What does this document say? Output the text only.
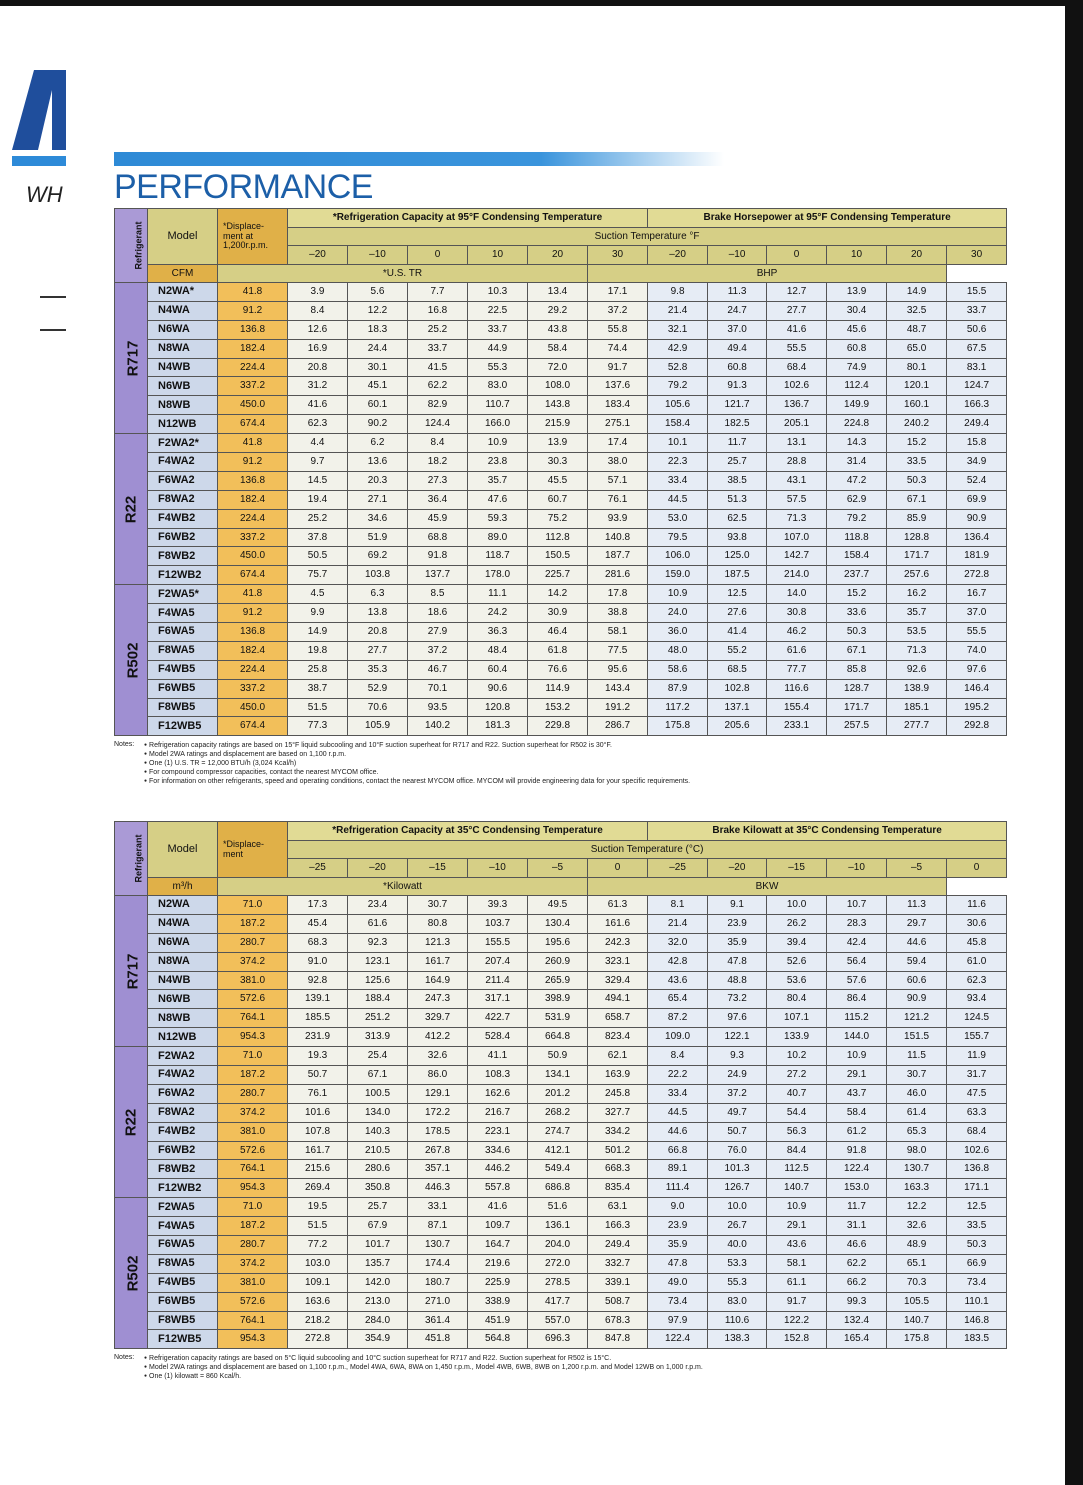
WH PERFORMANCE
Refrigerant	Model	*Displace-
ment at
1,200r.p.m.	*Refrigeration Capacity at 95°F Condensing Temperature						Brake Horsepower at 95°F Condensing Temperature					
			Suction Temperature °F											
			–20	–10	0	10	20	30	–20	–10	0	10	20	30
	CFM	*U.S. TR						BHP						
R717	N2WA*	41.8	3.9	5.6	7.7	10.3	13.4	17.1	9.8	11.3	12.7	13.9	14.9	15.5
	N4WA	91.2	8.4	12.2	16.8	22.5	29.2	37.2	21.4	24.7	27.7	30.4	32.5	33.7
	N6WA	136.8	12.6	18.3	25.2	33.7	43.8	55.8	32.1	37.0	41.6	45.6	48.7	50.6
	N8WA	182.4	16.9	24.4	33.7	44.9	58.4	74.4	42.9	49.4	55.5	60.8	65.0	67.5
	N4WB	224.4	20.8	30.1	41.5	55.3	72.0	91.7	52.8	60.8	68.4	74.9	80.1	83.1
	N6WB	337.2	31.2	45.1	62.2	83.0	108.0	137.6	79.2	91.3	102.6	112.4	120.1	124.7
	N8WB	450.0	41.6	60.1	82.9	110.7	143.8	183.4	105.6	121.7	136.7	149.9	160.1	166.3
	N12WB	674.4	62.3	90.2	124.4	166.0	215.9	275.1	158.4	182.5	205.1	224.8	240.2	249.4
R22	F2WA2*	41.8	4.4	6.2	8.4	10.9	13.9	17.4	10.1	11.7	13.1	14.3	15.2	15.8
	F4WA2	91.2	9.7	13.6	18.2	23.8	30.3	38.0	22.3	25.7	28.8	31.4	33.5	34.9
	F6WA2	136.8	14.5	20.3	27.3	35.7	45.5	57.1	33.4	38.5	43.1	47.2	50.3	52.4
	F8WA2	182.4	19.4	27.1	36.4	47.6	60.7	76.1	44.5	51.3	57.5	62.9	67.1	69.9
	F4WB2	224.4	25.2	34.6	45.9	59.3	75.2	93.9	53.0	62.5	71.3	79.2	85.9	90.9
	F6WB2	337.2	37.8	51.9	68.8	89.0	112.8	140.8	79.5	93.8	107.0	118.8	128.8	136.4
	F8WB2	450.0	50.5	69.2	91.8	118.7	150.5	187.7	106.0	125.0	142.7	158.4	171.7	181.9
	F12WB2	674.4	75.7	103.8	137.7	178.0	225.7	281.6	159.0	187.5	214.0	237.7	257.6	272.8
R502	F2WA5*	41.8	4.5	6.3	8.5	11.1	14.2	17.8	10.9	12.5	14.0	15.2	16.2	16.7
	F4WA5	91.2	9.9	13.8	18.6	24.2	30.9	38.8	24.0	27.6	30.8	33.6	35.7	37.0
	F6WA5	136.8	14.9	20.8	27.9	36.3	46.4	58.1	36.0	41.4	46.2	50.3	53.5	55.5
	F8WA5	182.4	19.8	27.7	37.2	48.4	61.8	77.5	48.0	55.2	61.6	67.1	71.3	74.0
	F4WB5	224.4	25.8	35.3	46.7	60.4	76.6	95.6	58.6	68.5	77.7	85.8	92.6	97.6
	F6WB5	337.2	38.7	52.9	70.1	90.6	114.9	143.4	87.9	102.8	116.6	128.7	138.9	146.4
	F8WB5	450.0	51.5	70.6	93.5	120.8	153.2	191.2	117.2	137.1	155.4	171.7	185.1	195.2
	F12WB5	674.4	77.3	105.9	140.2	181.3	229.8	286.7	175.8	205.6	233.1	257.5	277.7	292.8
Notes:	● Refrigeration capacity ratings are based on 15°F liquid subcooling and 10°F suction superheat for R717 and R22. Suction superheat for R502 is 30°F.
● Model 2WA ratings and displacement are based on 1,100 r.p.m.
● One (1) U.S. TR = 12,000 BTU/h (3,024 Kcal/h)
● For compound compressor capacities, contact the nearest MYCOM office.
● For information on other refrigerants, speed and operating conditions, contact the nearest MYCOM office. MYCOM will provide engineering data for your specific requirements.
Refrigerant	Model	*Displace-
ment	*Refrigeration Capacity at 35°C Condensing Temperature						Brake Kilowatt at 35°C Condensing Temperature					
			Suction Temperature (°C)											
			–25	–20	–15	–10	–5	0	–25	–20	–15	–10	–5	0
	m³/h	*Kilowatt						BKW						
R717	N2WA	71.0	17.3	23.4	30.7	39.3	49.5	61.3	8.1	9.1	10.0	10.7	11.3	11.6
	N4WA	187.2	45.4	61.6	80.8	103.7	130.4	161.6	21.4	23.9	26.2	28.3	29.7	30.6
	N6WA	280.7	68.3	92.3	121.3	155.5	195.6	242.3	32.0	35.9	39.4	42.4	44.6	45.8
	N8WA	374.2	91.0	123.1	161.7	207.4	260.9	323.1	42.8	47.8	52.6	56.4	59.4	61.0
	N4WB	381.0	92.8	125.6	164.9	211.4	265.9	329.4	43.6	48.8	53.6	57.6	60.6	62.3
	N6WB	572.6	139.1	188.4	247.3	317.1	398.9	494.1	65.4	73.2	80.4	86.4	90.9	93.4
	N8WB	764.1	185.5	251.2	329.7	422.7	531.9	658.7	87.2	97.6	107.1	115.2	121.2	124.5
	N12WB	954.3	231.9	313.9	412.2	528.4	664.8	823.4	109.0	122.1	133.9	144.0	151.5	155.7
R22	F2WA2	71.0	19.3	25.4	32.6	41.1	50.9	62.1	8.4	9.3	10.2	10.9	11.5	11.9
	F4WA2	187.2	50.7	67.1	86.0	108.3	134.1	163.9	22.2	24.9	27.2	29.1	30.7	31.7
	F6WA2	280.7	76.1	100.5	129.1	162.6	201.2	245.8	33.4	37.2	40.7	43.7	46.0	47.5
	F8WA2	374.2	101.6	134.0	172.2	216.7	268.2	327.7	44.5	49.7	54.4	58.4	61.4	63.3
	F4WB2	381.0	107.8	140.3	178.5	223.1	274.7	334.2	44.6	50.7	56.3	61.2	65.3	68.4
	F6WB2	572.6	161.7	210.5	267.8	334.6	412.1	501.2	66.8	76.0	84.4	91.8	98.0	102.6
	F8WB2	764.1	215.6	280.6	357.1	446.2	549.4	668.3	89.1	101.3	112.5	122.4	130.7	136.8
	F12WB2	954.3	269.4	350.8	446.3	557.8	686.8	835.4	111.4	126.7	140.7	153.0	163.3	171.1
R502	F2WA5	71.0	19.5	25.7	33.1	41.6	51.6	63.1	9.0	10.0	10.9	11.7	12.2	12.5
	F4WA5	187.2	51.5	67.9	87.1	109.7	136.1	166.3	23.9	26.7	29.1	31.1	32.6	33.5
	F6WA5	280.7	77.2	101.7	130.7	164.7	204.0	249.4	35.9	40.0	43.6	46.6	48.9	50.3
	F8WA5	374.2	103.0	135.7	174.4	219.6	272.0	332.7	47.8	53.3	58.1	62.2	65.1	66.9
	F4WB5	381.0	109.1	142.0	180.7	225.9	278.5	339.1	49.0	55.3	61.1	66.2	70.3	73.4
	F6WB5	572.6	163.6	213.0	271.0	338.9	417.7	508.7	73.4	83.0	91.7	99.3	105.5	110.1
	F8WB5	764.1	218.2	284.0	361.4	451.9	557.0	678.3	97.9	110.6	122.2	132.4	140.7	146.8
	F12WB5	954.3	272.8	354.9	451.8	564.8	696.3	847.8	122.4	138.3	152.8	165.4	175.8	183.5
Notes:	● Refrigeration capacity ratings are based on 5°C liquid subcooling and 10°C suction superheat for R717 and R22. Suction superheat for R502 is 15°C.
● Model 2WA ratings and displacement are based on 1,100 r.p.m., Model 4WA, 6WA, 8WA on 1,450 r.p.m., Model 4WB, 6WB, 8WB on 1,200 r.p.m. and Model 12WB on 1,000 r.p.m.
● One (1) kilowatt = 860 Kcal/h.
